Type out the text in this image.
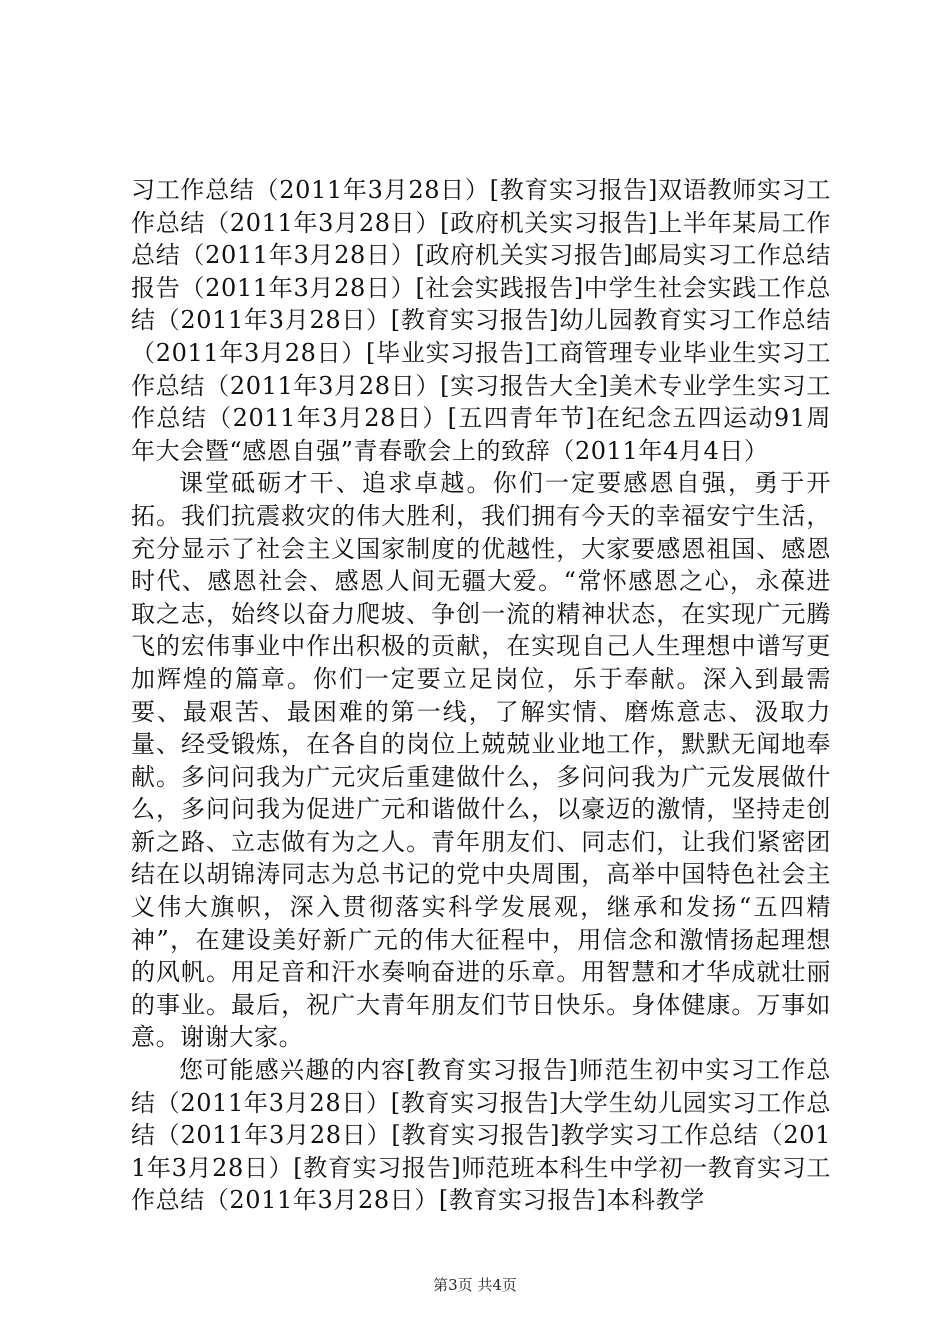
习工作总结（2011年3月28日）[教育实习报告]双语教师实习工作总结（2011年3月28日）[政府机关实习报告]上半年某局工作总结（2011年3月28日）[政府机关实习报告]邮局实习工作总结报告（2011年3月28日）[社会实践报告]中学生社会实践工作总结（2011年3月28日）[教育实习报告]幼儿园教育实习工作总结（2011年3月28日）[毕业实习报告]工商管理专业毕业生实习工作总结（2011年3月28日）[实习报告大全]美术专业学生实习工作总结（2011年3月28日）[五四青年节]在纪念五四运动91周年大会暨“感恩自强”青春歌会上的致辞（2011年4月4日）

课堂砥砺才干、追求卓越。你们一定要感恩自强，勇于开拓。我们抗震救灾的伟大胜利，我们拥有今天的幸福安宁生活，充分显示了社会主义国家制度的优越性，大家要感恩祖国、感恩时代、感恩社会、感恩人间无疆大爱。“常怀感恩之心，永葆进取之志，始终以奋力爬坡、争创一流的精神状态，在实现广元腾飞的宏伟事业中作出积极的贡献，在实现自己人生理想中谱写更加辉煌的篇章。你们一定要立足岗位，乐于奉献。深入到最需要、最艰苦、最困难的第一线，了解实情、磨炼意志、汲取力量、经受锻炼，在各自的岗位上兢兢业业地工作，默默无闻地奉献。多问问我为广元灾后重建做什么，多问问我为广元发展做什么，多问问我为促进广元和谐做什么，以豪迈的激情，坚持走创新之路、立志做有为之人。青年朋友们、同志们，让我们紧密团结在以胡锦涛同志为总书记的党中央周围，高举中国特色社会主义伟大旗帜，深入贯彻落实科学发展观，继承和发扬“五四精神”，在建设美好新广元的伟大征程中，用信念和激情扬起理想的风帆。用足音和汗水奏响奋进的乐章。用智慧和才华成就壮丽的事业。最后，祝广大青年朋友们节日快乐。身体健康。万事如意。谢谢大家。

您可能感兴趣的内容[教育实习报告]师范生初中实习工作总结（2011年3月28日）[教育实习报告]大学生幼儿园实习工作总结（2011年3月28日）[教育实习报告]教学实习工作总结（2011年3月28日）[教育实习报告]师范班本科生中学初一教育实习工作总结（2011年3月28日）[教育实习报告]本科教学

第3页 共4页
